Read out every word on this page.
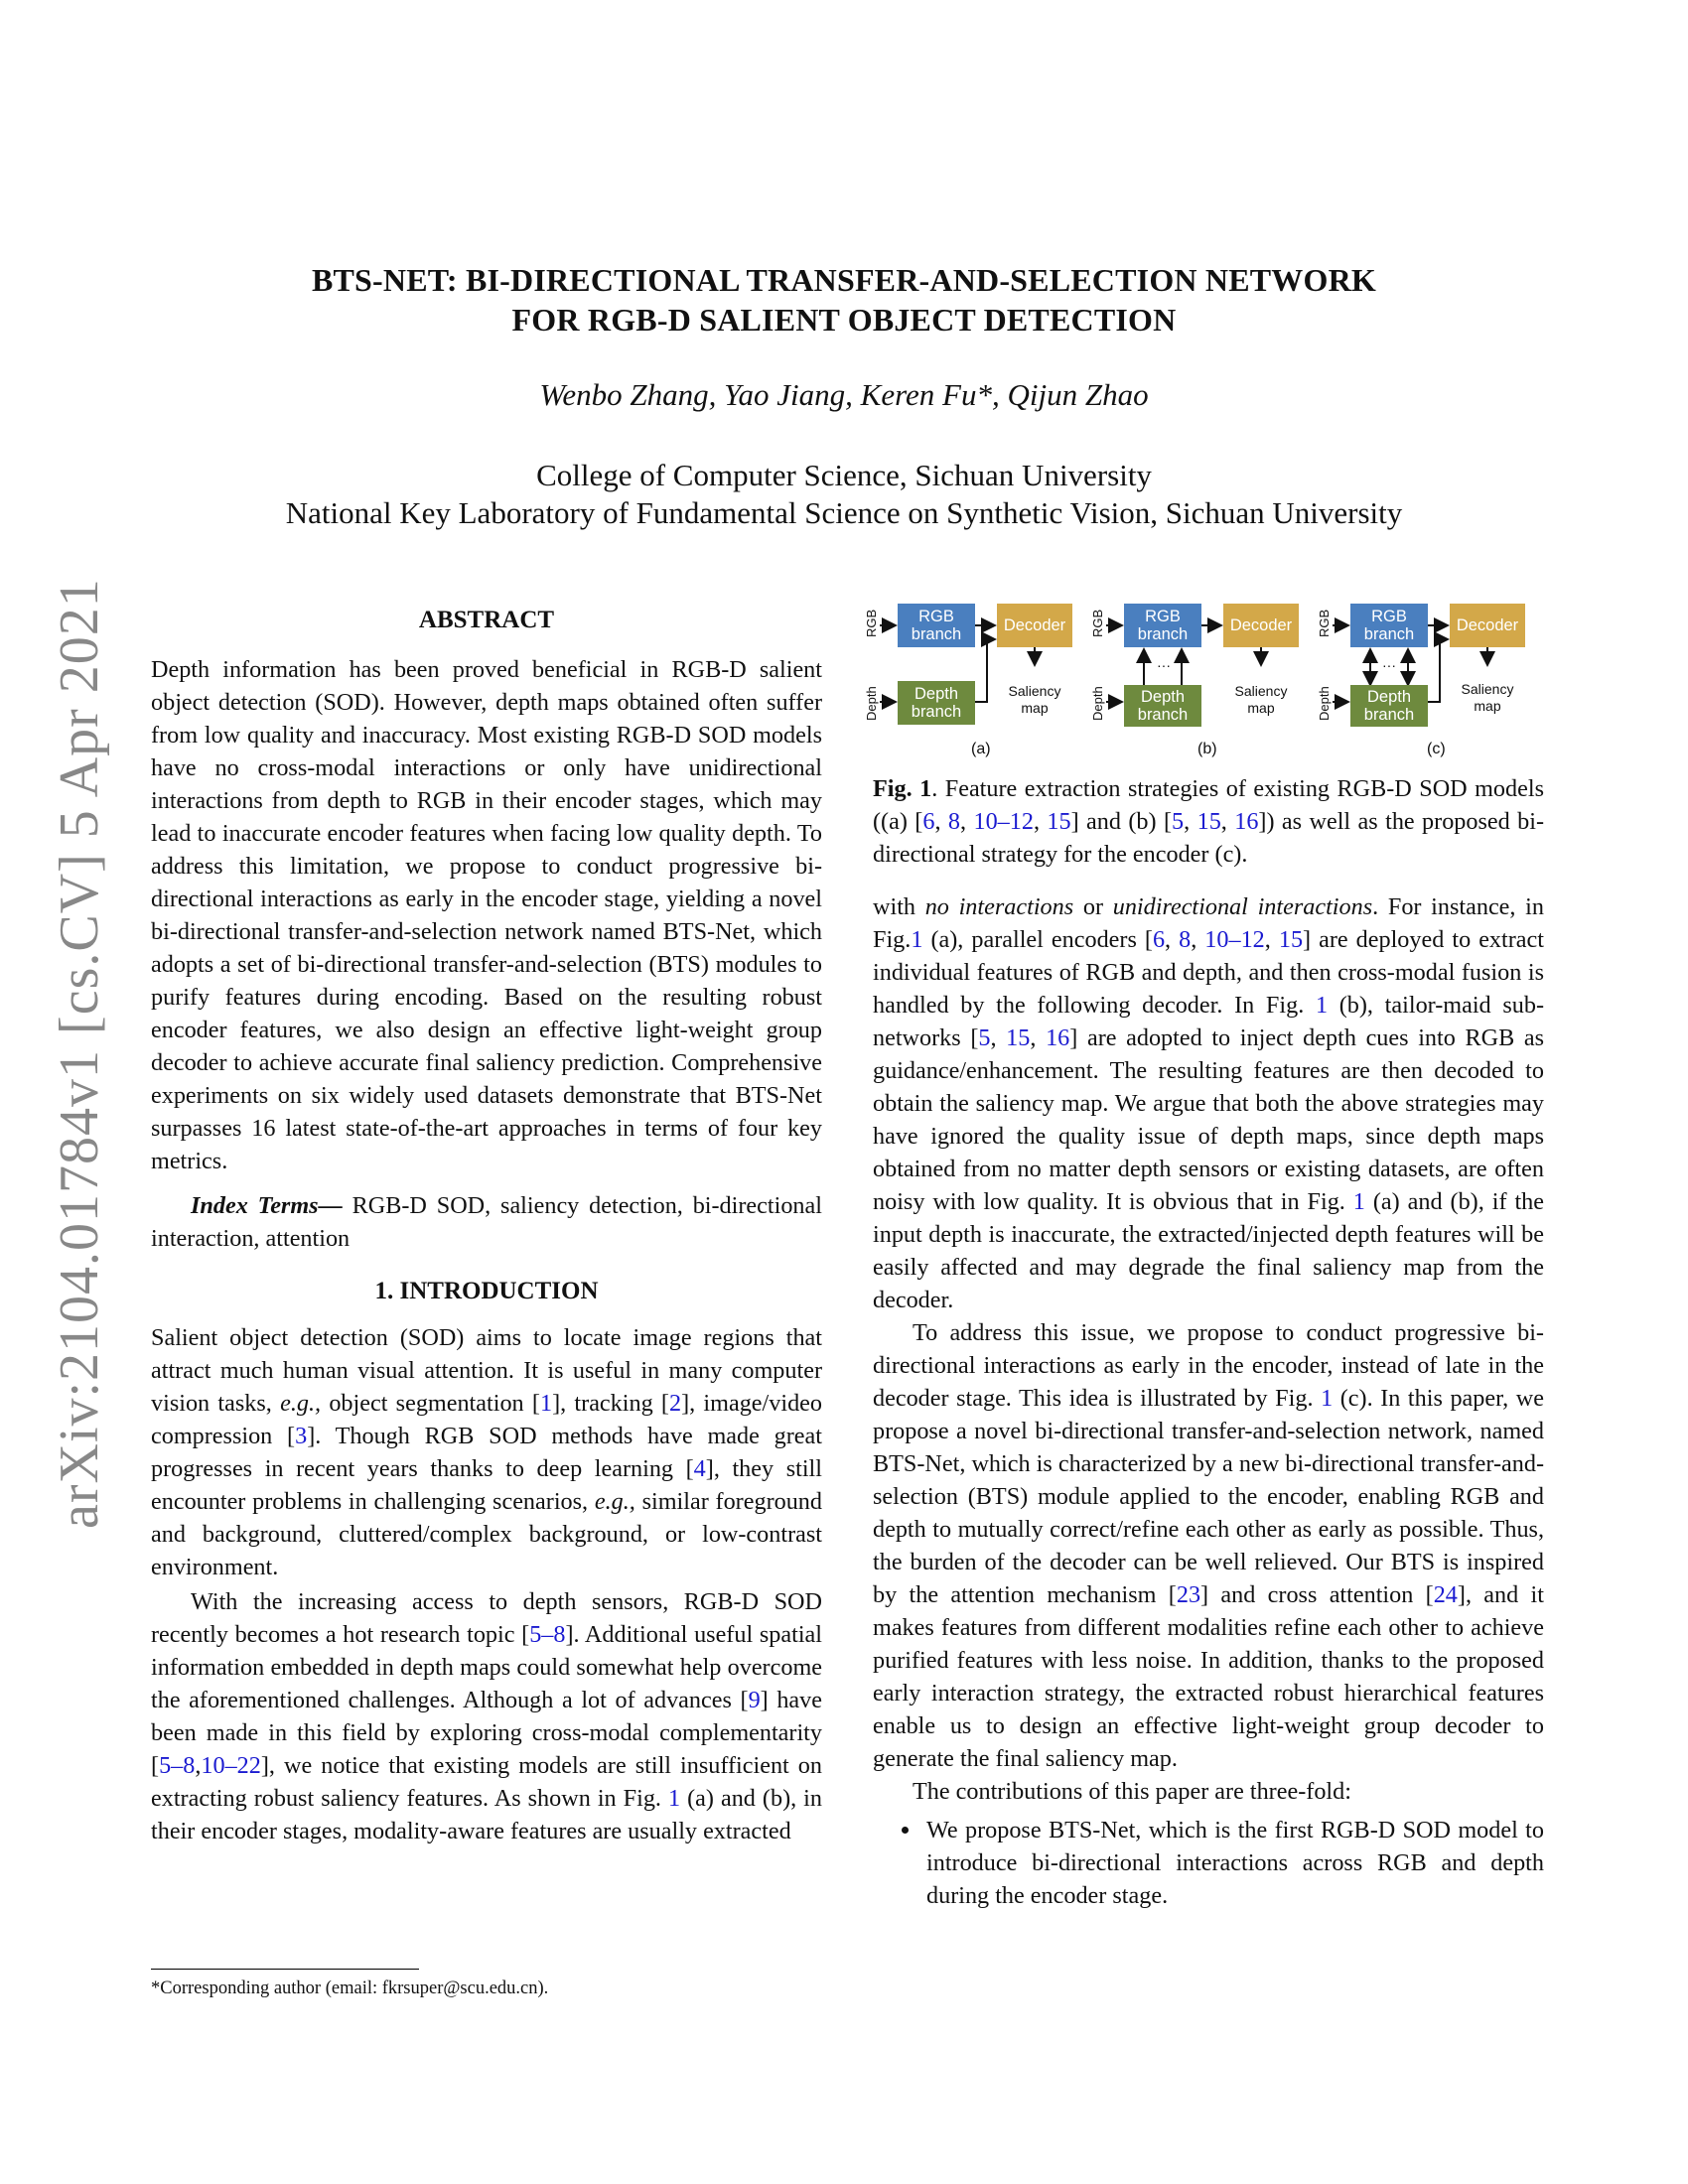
arXiv:2104.01784v1 [cs.CV] 5 Apr 2021
BTS-NET: BI-DIRECTIONAL TRANSFER-AND-SELECTION NETWORK
FOR RGB-D SALIENT OBJECT DETECTION
Wenbo Zhang, Yao Jiang, Keren Fu*, Qijun Zhao
College of Computer Science, Sichuan University
National Key Laboratory of Fundamental Science on Synthetic Vision, Sichuan University
ABSTRACT

Depth information has been proved beneficial in RGB-D salient object detection (SOD). However, depth maps obtained often suffer from low quality and inaccuracy. Most existing RGB-D SOD models have no cross-modal interactions or only have unidirectional interactions from depth to RGB in their encoder stages, which may lead to inaccurate encoder features when facing low quality depth. To address this limitation, we propose to conduct progressive bi-directional interactions as early in the encoder stage, yielding a novel bi-directional transfer-and-selection network named BTS-Net, which adopts a set of bi-directional transfer-and-selection (BTS) modules to purify features during encoding. Based on the resulting robust encoder features, we also design an effective light-weight group decoder to achieve accurate final saliency prediction. Comprehensive experiments on six widely used datasets demonstrate that BTS-Net surpasses 16 latest state-of-the-art approaches in terms of four key metrics.

Index Terms— RGB-D SOD, saliency detection, bi-directional interaction, attention

1. INTRODUCTION

Salient object detection (SOD) aims to locate image regions that attract much human visual attention. It is useful in many computer vision tasks, e.g., object segmentation [1], tracking [2], image/video compression [3]. Though RGB SOD methods have made great progresses in recent years thanks to deep learning [4], they still encounter problems in challenging scenarios, e.g., similar foreground and background, cluttered/complex background, or low-contrast environment.

With the increasing access to depth sensors, RGB-D SOD recently becomes a hot research topic [5–8]. Additional useful spatial information embedded in depth maps could somewhat help overcome the aforementioned challenges. Although a lot of advances [9] have been made in this field by exploring cross-modal complementarity [5–8,10–22], we notice that existing models are still insufficient on extracting robust saliency features. As shown in Fig. 1 (a) and (b), in their encoder stages, modality-aware features are usually extracted

*Corresponding author (email: fkrsuper@scu.edu.cn).
RGB
Depth
RGB branch
Depth branch
Decoder
Saliency map
(a)
RGB
Depth
RGB branch
Depth branch
Decoder
···
Saliency map
(b)
RGB
Depth
RGB branch
Depth branch
Decoder
···
Saliency map
(c)

Fig. 1. Feature extraction strategies of existing RGB-D SOD models ((a) [6, 8, 10–12, 15] and (b) [5, 15, 16]) as well as the proposed bi-directional strategy for the encoder (c).

with no interactions or unidirectional interactions. For instance, in Fig.1 (a), parallel encoders [6, 8, 10–12, 15] are deployed to extract individual features of RGB and depth, and then cross-modal fusion is handled by the following decoder. In Fig. 1 (b), tailor-maid sub-networks [5, 15, 16] are adopted to inject depth cues into RGB as guidance/enhancement. The resulting features are then decoded to obtain the saliency map. We argue that both the above strategies may have ignored the quality issue of depth maps, since depth maps obtained from no matter depth sensors or existing datasets, are often noisy with low quality. It is obvious that in Fig. 1 (a) and (b), if the input depth is inaccurate, the extracted/injected depth features will be easily affected and may degrade the final saliency map from the decoder.

To address this issue, we propose to conduct progressive bi-directional interactions as early in the encoder, instead of late in the decoder stage. This idea is illustrated by Fig. 1 (c). In this paper, we propose a novel bi-directional transfer-and-selection network, named BTS-Net, which is characterized by a new bi-directional transfer-and-selection (BTS) module applied to the encoder, enabling RGB and depth to mutually correct/refine each other as early as possible. Thus, the burden of the decoder can be well relieved. Our BTS is inspired by the attention mechanism [23] and cross attention [24], and it makes features from different modalities refine each other to achieve purified features with less noise. In addition, thanks to the proposed early interaction strategy, the extracted robust hierarchical features enable us to design an effective light-weight group decoder to generate the final saliency map.

The contributions of this paper are three-fold:

• We propose BTS-Net, which is the first RGB-D SOD model to introduce bi-directional interactions across RGB and depth during the encoder stage.
